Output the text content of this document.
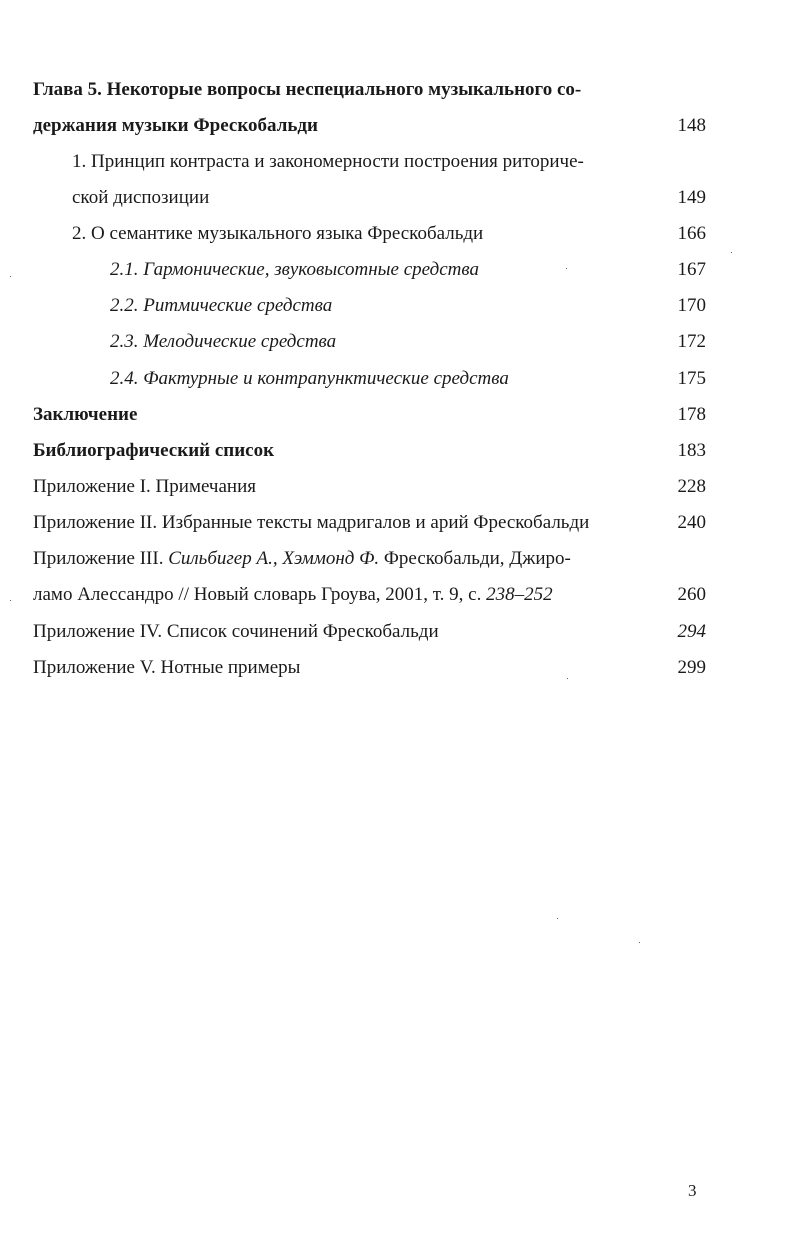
Глава 5. Некоторые вопросы неспециального музыкального со-
держания музыки Фрескобальди	148
1. Принцип контраста и закономерности построения риториче-
ской диспозиции	149
2. О семантике музыкального языка Фрескобальди	166
2.1. Гармонические, звуковысотные средства	167
2.2. Ритмические средства	170
2.3. Мелодические средства	172
2.4. Фактурные и контрапунктические средства	175
Заключение	178
Библиографический список	183
Приложение I. Примечания	228
Приложение II. Избранные тексты мадригалов и арий Фрескобальди	240
Приложение III. Сильбигер А., Хэммонд Ф. Фрескобальди, Джиро-
ламо Алессандро // Новый словарь Гроува, 2001, т. 9, с. 238–252	260
Приложение IV. Список сочинений Фрескобальди	294
Приложение V. Нотные примеры	299
3
